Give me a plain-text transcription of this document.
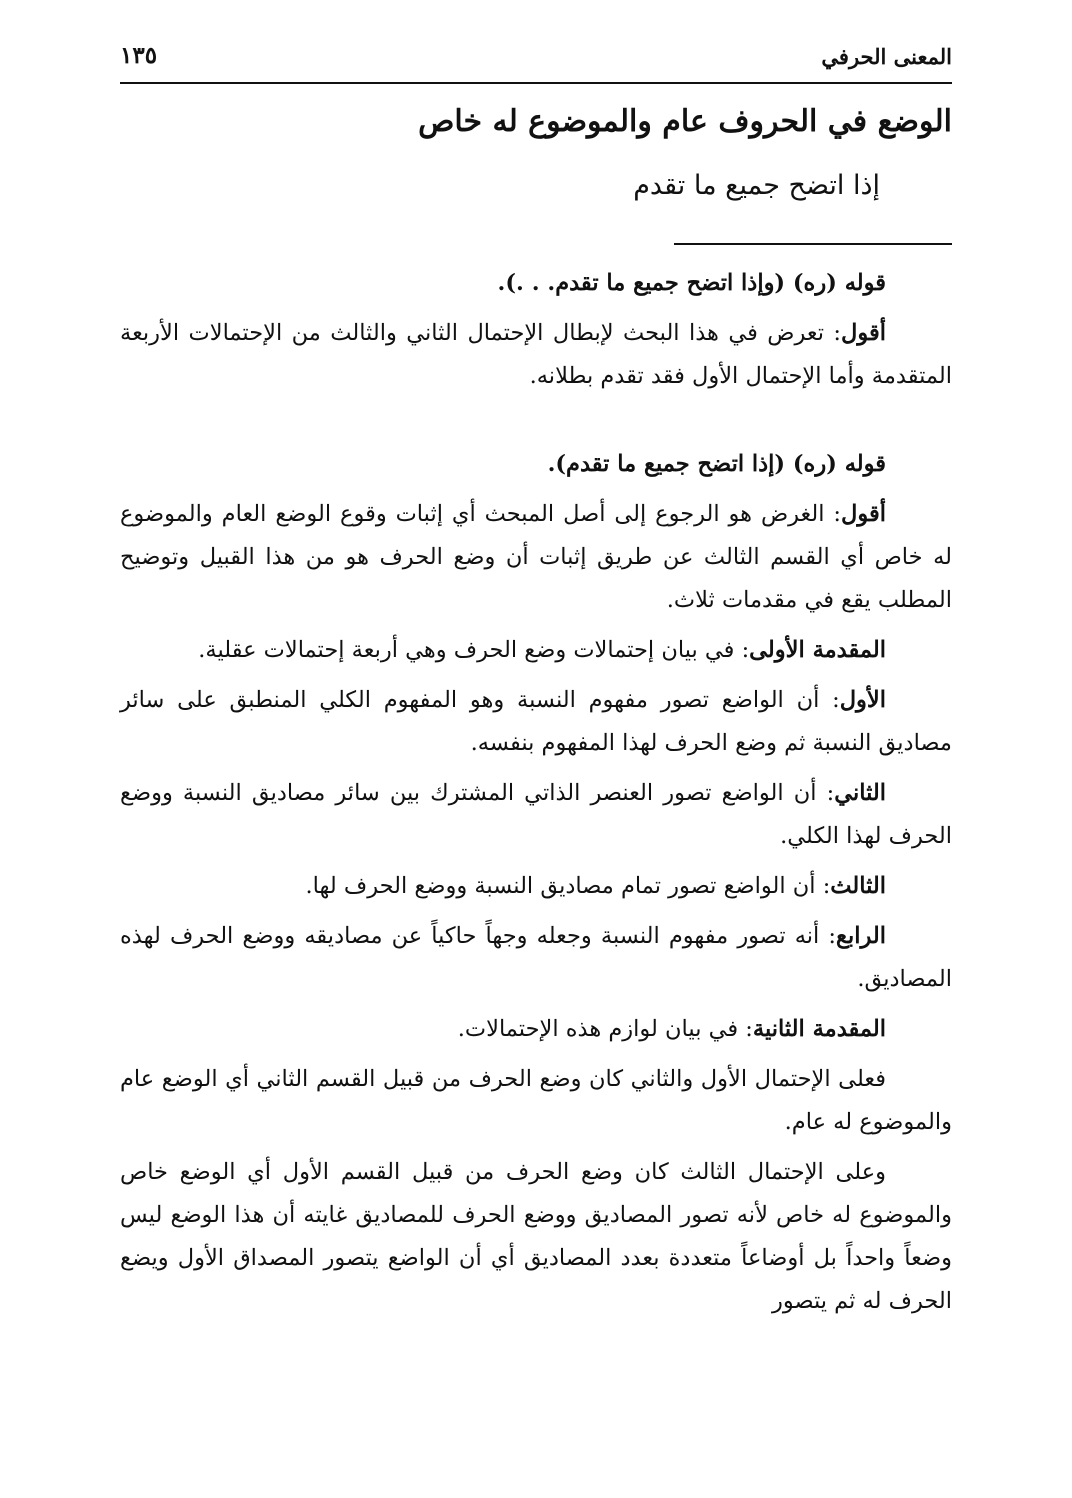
المعنى الحرفي
١٣٥
الوضع في الحروف عام والموضوع له خاص
إذا اتضح جميع ما تقدم

قوله (ره) (وإذا اتضح جميع ما تقدم. . .).

أقول: تعرض في هذا البحث لإبطال الإحتمال الثاني والثالث من الإحتمالات الأربعة المتقدمة وأما الإحتمال الأول فقد تقدم بطلانه.

قوله (ره) (إذا اتضح جميع ما تقدم).

أقول: الغرض هو الرجوع إلى أصل المبحث أي إثبات وقوع الوضع العام والموضوع له خاص أي القسم الثالث عن طريق إثبات أن وضع الحرف هو من هذا القبيل وتوضيح المطلب يقع في مقدمات ثلاث.

المقدمة الأولى: في بيان إحتمالات وضع الحرف وهي أربعة إحتمالات عقلية.

الأول: أن الواضع تصور مفهوم النسبة وهو المفهوم الكلي المنطبق على سائر مصاديق النسبة ثم وضع الحرف لهذا المفهوم بنفسه.

الثاني: أن الواضع تصور العنصر الذاتي المشترك بين سائر مصاديق النسبة ووضع الحرف لهذا الكلي.

الثالث: أن الواضع تصور تمام مصاديق النسبة ووضع الحرف لها.

الرابع: أنه تصور مفهوم النسبة وجعله وجهاً حاكياً عن مصاديقه ووضع الحرف لهذه المصاديق.

المقدمة الثانية: في بيان لوازم هذه الإحتمالات.

فعلى الإحتمال الأول والثاني كان وضع الحرف من قبيل القسم الثاني أي الوضع عام والموضوع له عام.

وعلى الإحتمال الثالث كان وضع الحرف من قبيل القسم الأول أي الوضع خاص والموضوع له خاص لأنه تصور المصاديق ووضع الحرف للمصاديق غايته أن هذا الوضع ليس وضعاً واحداً بل أوضاعاً متعددة بعدد المصاديق أي أن الواضع يتصور المصداق الأول ويضع الحرف له ثم يتصور
